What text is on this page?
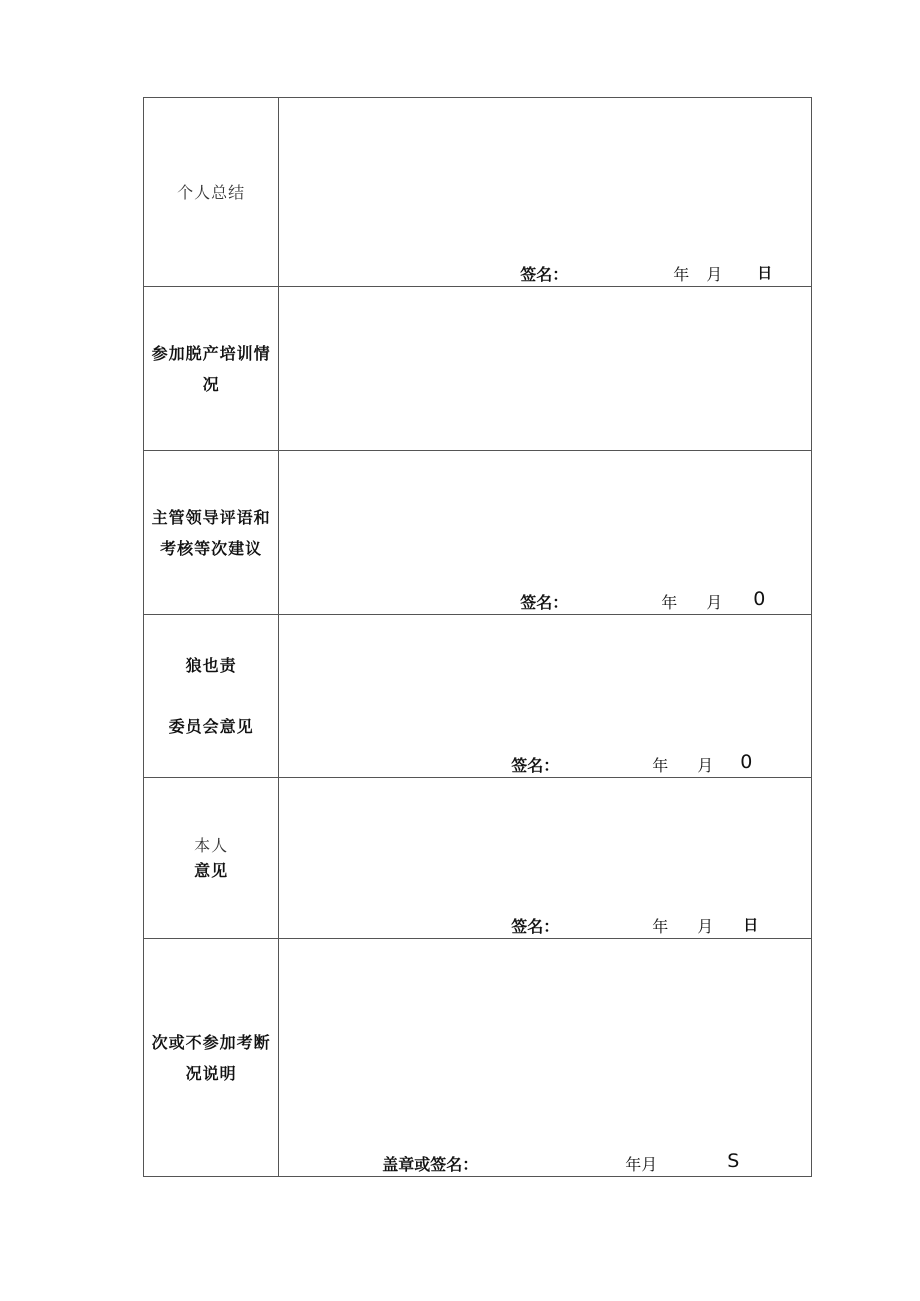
个人总结	签名： 年 月 日

参加脱产培训情
况	

主管领导评语和
考核等次建议	签名： 年 月 0

狼也责
委员会意见	签名： 年 月 0

本人
意见	签名： 年 月 日

次或不参加考断
况说明	盖章或签名： 年月 S
